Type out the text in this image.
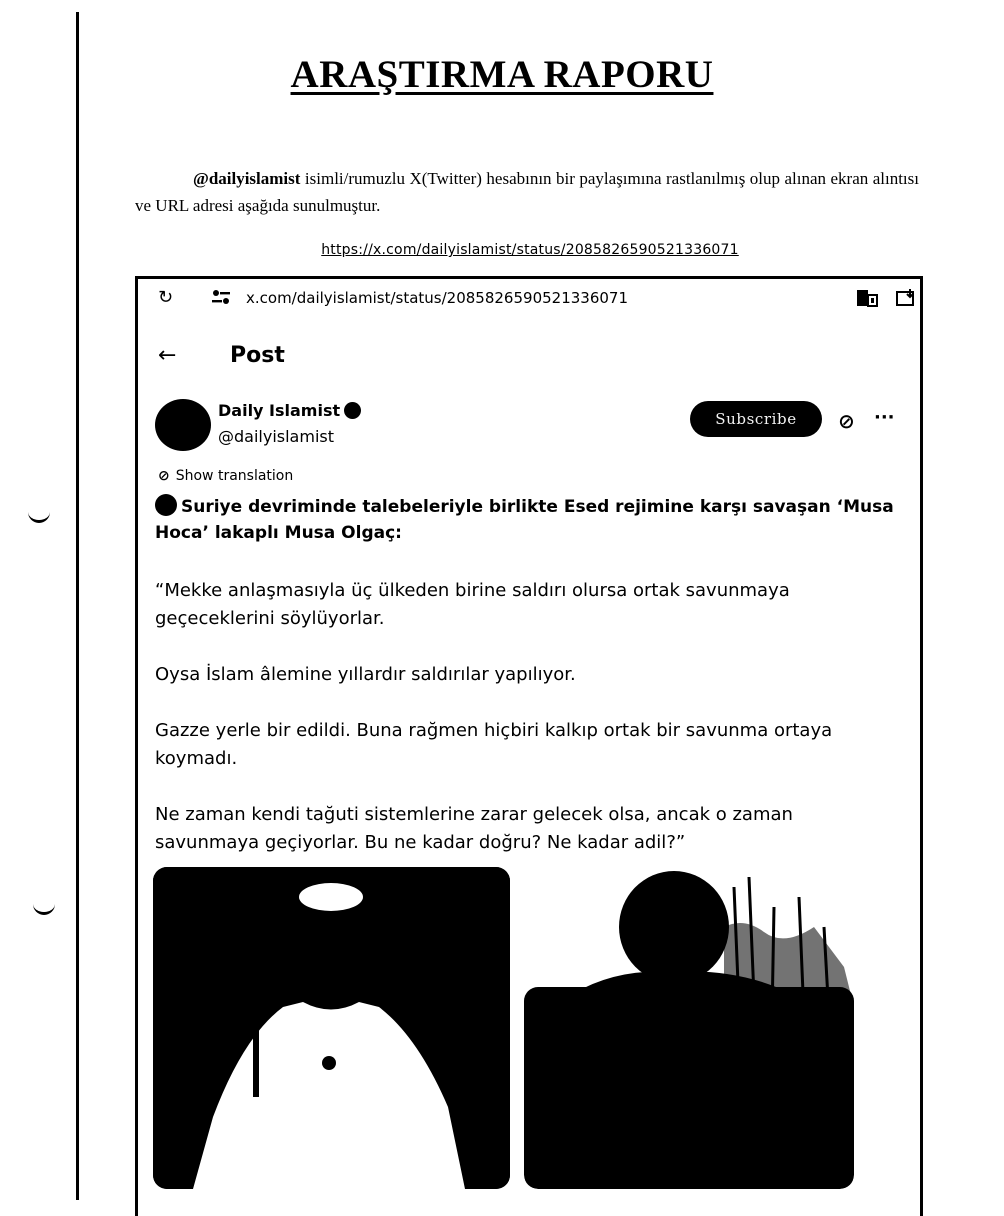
ARAŞTIRMA RAPORU

@dailyislamist isimli/rumuzlu X(Twitter) hesabının bir paylaşımına rastlanılmış olup alınan ekran alıntısı ve URL adresi aşağıda sunulmuştur.

https://x.com/dailyislamist/status/2085826590521336071
↻	x.com/dailyislamist/status/2085826590521336071
← Post
Daily Islamist
@dailyislamist
Subscribe	⊘ ···
⊘ Show translation
Suriye devriminde talebeleriyle birlikte Esed rejimine karşı savaşan ‘Musa Hoca’ lakaplı Musa Olgaç:
“Mekke anlaşmasıyla üç ülkeden birine saldırı olursa ortak savunmaya geçeceklerini söylüyorlar.
Oysa İslam âlemine yıllardır saldırılar yapılıyor.
Gazze yerle bir edildi. Buna rağmen hiçbiri kalkıp ortak bir savunma ortaya koymadı.
Ne zaman kendi tağuti sistemlerine zarar gelecek olsa, ancak o zaman savunmaya geçiyorlar. Bu ne kadar doğru? Ne kadar adil?”
